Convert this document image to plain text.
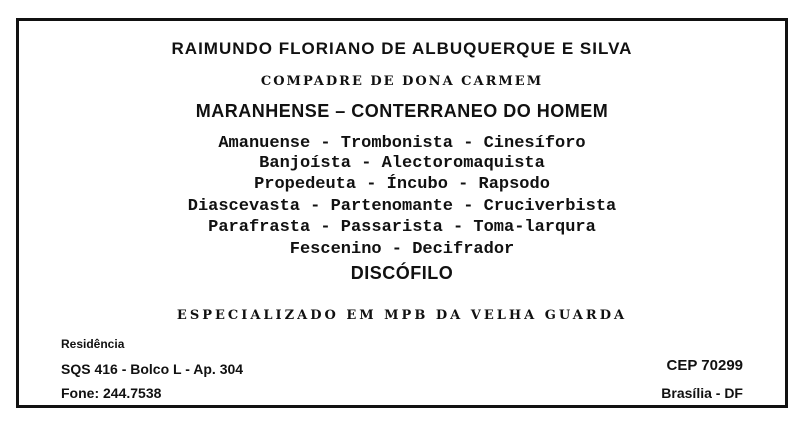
RAIMUNDO FLORIANO DE ALBUQUERQUE E SILVA
COMPADRE DE DONA CARMEM
MARANHENSE – CONTERRANEO DO HOMEM
Amanuense - Trombonista - Cinesíforo
Banjoísta - Alectoromaquista
Propedeuta - Íncubo - Rapsodo
Diascevasta - Partenomante - Cruciverbista
Parafrasta - Passarista - Toma-larqura
Fescenino - Decifrador
DISCÓFILO
ESPECIALIZADO EM MPB DA VELHA GUARDA
Residência
SQS 416 - Bolco L - Ap. 304
Fone: 244.7538
CEP 70299
Brasília - DF
